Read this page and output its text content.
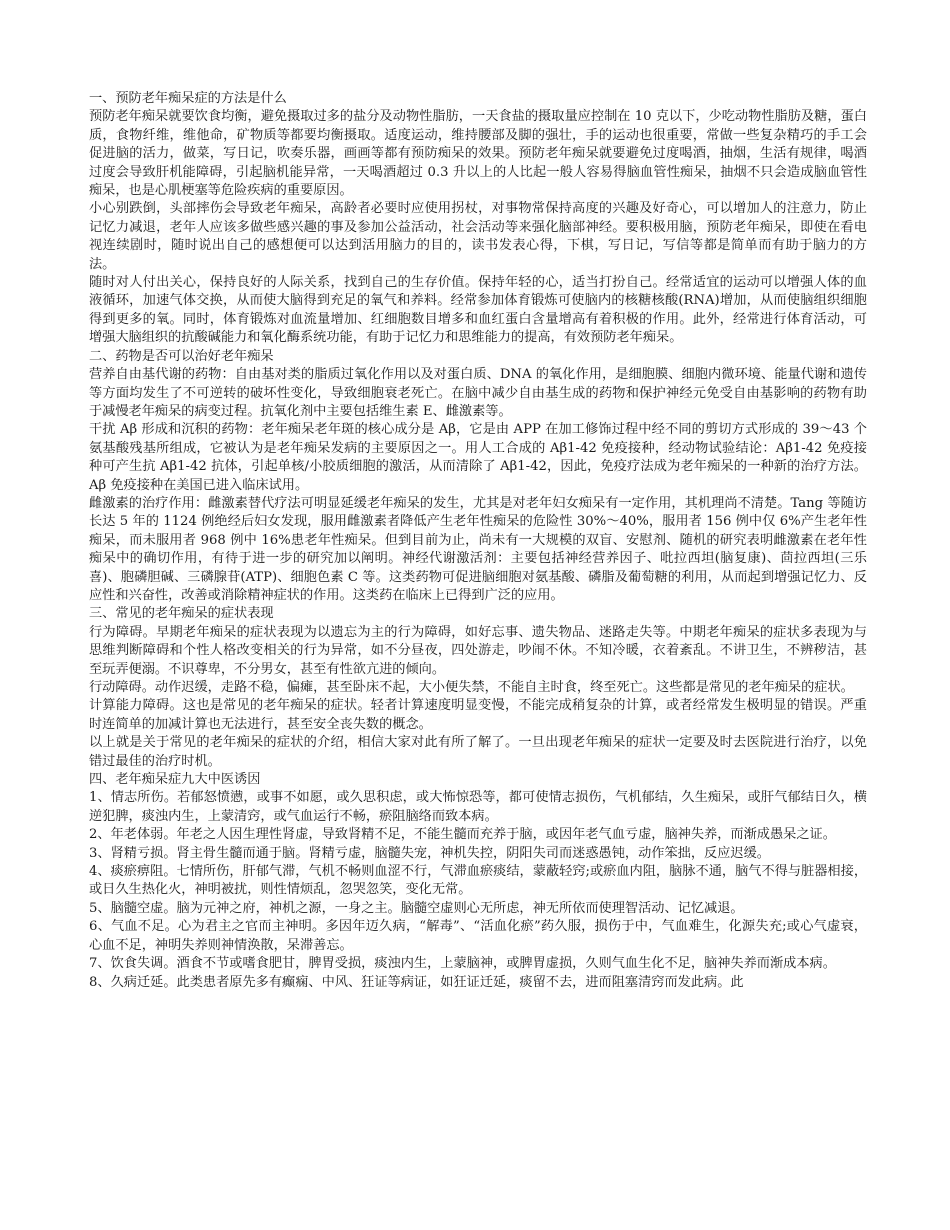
一、预防老年痴呆症的方法是什么

预防老年痴呆就要饮食均衡，避免摄取过多的盐分及动物性脂肪，一天食盐的摄取量应控制在 10 克以下，少吃动物性脂肪及糖，蛋白质，食物纤维，维他命，矿物质等都要均衡摄取。适度运动，维持腰部及脚的强壮，手的运动也很重要，常做一些复杂精巧的手工会促进脑的活力，做菜，写日记，吹奏乐器，画画等都有预防痴呆的效果。预防老年痴呆就要避免过度喝酒，抽烟，生活有规律，喝酒过度会导致肝机能障碍，引起脑机能异常，一天喝酒超过 0.3 升以上的人比起一般人容易得脑血管性痴呆，抽烟不只会造成脑血管性痴呆，也是心肌梗塞等危险疾病的重要原因。

小心别跌倒，头部摔伤会导致老年痴呆，高龄者必要时应使用拐杖，对事物常保持高度的兴趣及好奇心，可以增加人的注意力，防止记忆力减退，老年人应该多做些感兴趣的事及参加公益活动，社会活动等来强化脑部神经。要积极用脑，预防老年痴呆，即使在看电视连续剧时，随时说出自己的感想便可以达到活用脑力的目的，读书发表心得，下棋，写日记，写信等都是简单而有助于脑力的方法。

随时对人付出关心，保持良好的人际关系，找到自己的生存价值。保持年轻的心，适当打扮自己。经常适宜的运动可以增强人体的血液循环，加速气体交换，从而使大脑得到充足的氧气和养料。经常参加体育锻炼可使脑内的核糖核酸(RNA)增加，从而使脑组织细胞得到更多的氧。同时，体育锻炼对血流量增加、红细胞数目增多和血红蛋白含量增高有着积极的作用。此外，经常进行体育活动，可增强大脑组织的抗酸碱能力和氧化酶系统功能，有助于记忆力和思维能力的提高，有效预防老年痴呆。

二、药物是否可以治好老年痴呆

营养自由基代谢的药物：自由基对类的脂质过氧化作用以及对蛋白质、DNA 的氧化作用，是细胞膜、细胞内微环境、能量代谢和遗传等方面均发生了不可逆转的破坏性变化，导致细胞衰老死亡。在脑中减少自由基生成的药物和保护神经元免受自由基影响的药物有助于减慢老年痴呆的病变过程。抗氧化剂中主要包括维生素 E、雌激素等。

干扰 Aβ 形成和沉积的药物：老年痴呆老年斑的核心成分是 Aβ，它是由 APP 在加工修饰过程中经不同的剪切方式形成的 39～43 个氨基酸残基所组成，它被认为是老年痴呆发病的主要原因之一。用人工合成的 Aβ1-42 免疫接种，经动物试验结论：Aβ1-42 免疫接种可产生抗 Aβ1-42 抗体，引起单核/小胶质细胞的激活，从而清除了 Aβ1-42，因此，免疫疗法成为老年痴呆的一种新的治疗方法。Aβ 免疫接种在美国已进入临床试用。

雌激素的治疗作用：雌激素替代疗法可明显延缓老年痴呆的发生，尤其是对老年妇女痴呆有一定作用，其机理尚不清楚。Tang 等随访长达 5 年的 1124 例绝经后妇女发现，服用雌激素者降低产生老年性痴呆的危险性 30%～40%，服用者 156 例中仅 6%产生老年性痴呆，而未服用者 968 例中 16%患老年性痴呆。但到目前为止，尚未有一大规模的双盲、安慰剂、随机的研究表明雌激素在老年性痴呆中的确切作用，有待于进一步的研究加以阐明。神经代谢激活剂：主要包括神经营养因子、吡拉西坦(脑复康)、茴拉西坦(三乐喜)、胞磷胆碱、三磷腺苷(ATP)、细胞色素 C 等。这类药物可促进脑细胞对氨基酸、磷脂及葡萄糖的利用，从而起到增强记忆力、反应性和兴奋性，改善或消除精神症状的作用。这类药在临床上已得到广泛的应用。

三、常见的老年痴呆的症状表现

行为障碍。早期老年痴呆的症状表现为以遗忘为主的行为障碍，如好忘事、遗失物品、迷路走失等。中期老年痴呆的症状多表现为与思维判断障碍和个性人格改变相关的行为异常，如不分昼夜，四处游走，吵闹不休。不知冷暖，衣着紊乱。不讲卫生，不辨秽洁，甚至玩弄便溺。不识尊卑，不分男女，甚至有性欲亢进的倾向。

行动障碍。动作迟缓，走路不稳，偏瘫，甚至卧床不起，大小便失禁，不能自主时食，终至死亡。这些都是常见的老年痴呆的症状。

计算能力障碍。这也是常见的老年痴呆的症状。轻者计算速度明显变慢，不能完成稍复杂的计算，或者经常发生极明显的错误。严重时连简单的加减计算也无法进行，甚至安全丧失数的概念。

以上就是关于常见的老年痴呆的症状的介绍，相信大家对此有所了解了。一旦出现老年痴呆的症状一定要及时去医院进行治疗，以免错过最佳的治疗时机。

四、老年痴呆症九大中医诱因

1、情志所伤。若郁怒愤懑，或事不如愿，或久思积虑，或大怖惊恐等，都可使情志损伤，气机郁结，久生痴呆，或肝气郁结日久，横逆犯脾，痰浊内生，上蒙清窍，或气血运行不畅，瘀阻脑络而致本病。

2、年老体弱。年老之人因生理性肾虚，导致肾精不足，不能生髓而充养于脑，或因年老气血亏虚，脑神失养，而渐成愚呆之证。

3、肾精亏损。肾主骨生髓而通于脑。肾精亏虚，脑髓失宠，神机失控，阴阳失司而迷惑愚钝，动作笨拙，反应迟缓。

4、痰瘀痹阻。七情所伤，肝郁气滞，气机不畅则血涩不行，气滞血瘀痰结，蒙蔽轻窍;或瘀血内阻，脑脉不通，脑气不得与脏器相接，或日久生热化火，神明被扰，则性情烦乱，忽哭忽笑，变化无常。

5、脑髓空虚。脑为元神之府，神机之源，一身之主。脑髓空虚则心无所虑，神无所依而使理智活动、记忆减退。

6、气血不足。心为君主之官而主神明。多因年迈久病，“解毒”、“活血化瘀”药久服，损伤于中，气血难生，化源失充;或心气虚衰，心血不足，神明失养则神情涣散，呆滞善忘。

7、饮食失调。酒食不节或嗜食肥甘，脾胃受损，痰浊内生，上蒙脑神，或脾胃虚损，久则气血生化不足，脑神失养而渐成本病。

8、久病迁延。此类患者原先多有癫痫、中风、狂证等病证，如狂证迁延，痰留不去，进而阻塞清窍而发此病。此
